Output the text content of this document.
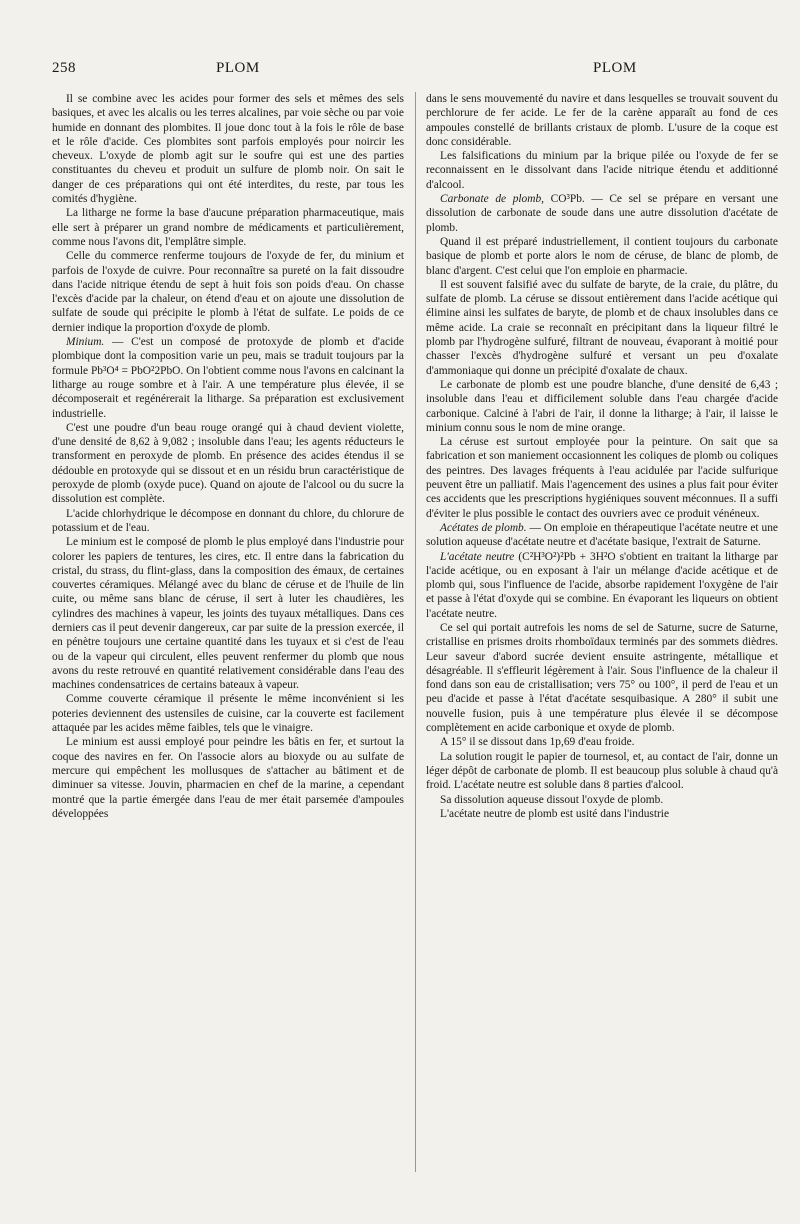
258	PLOM	PLOM

Il se combine avec les acides pour former des sels et mêmes des sels basiques, et avec les alcalis ou les terres alcalines, par voie sèche ou par voie humide en donnant des plombites. Il joue donc tout à la fois le rôle de base et le rôle d'acide. Ces plombites sont parfois employés pour noircir les cheveux. L'oxyde de plomb agit sur le soufre qui est une des parties constituantes du cheveu et produit un sulfure de plomb noir. On sait le danger de ces préparations qui ont été interdites, du reste, par tous les comités d'hygiène.

La litharge ne forme la base d'aucune préparation pharmaceutique, mais elle sert à préparer un grand nombre de médicaments et particulièrement, comme nous l'avons dit, l'emplâtre simple.

Celle du commerce renferme toujours de l'oxyde de fer, du minium et parfois de l'oxyde de cuivre. Pour reconnaître sa pureté on la fait dissoudre dans l'acide nitrique étendu de sept à huit fois son poids d'eau. On chasse l'excès d'acide par la chaleur, on étend d'eau et on ajoute une dissolution de sulfate de soude qui précipite le plomb à l'état de sulfate. Le poids de ce dernier indique la proportion d'oxyde de plomb.

Minium. — C'est un composé de protoxyde de plomb et d'acide plombique dont la composition varie un peu, mais se traduit toujours par la formule Pb³O⁴ = PbO²2PbO. On l'obtient comme nous l'avons en calcinant la litharge au rouge sombre et à l'air. A une température plus élevée, il se décomposerait et regénérerait la litharge. Sa préparation est exclusivement industrielle.

C'est une poudre d'un beau rouge orangé qui à chaud devient violette, d'une densité de 8,62 à 9,082 ; insoluble dans l'eau; les agents réducteurs le transforment en peroxyde de plomb. En présence des acides étendus il se dédouble en protoxyde qui se dissout et en un résidu brun caractéristique de peroxyde de plomb (oxyde puce). Quand on ajoute de l'alcool ou du sucre la dissolution est complète.

L'acide chlorhydrique le décompose en donnant du chlore, du chlorure de potassium et de l'eau.

Le minium est le composé de plomb le plus employé dans l'industrie pour colorer les papiers de tentures, les cires, etc. Il entre dans la fabrication du cristal, du strass, du flint-glass, dans la composition des émaux, de certaines couvertes céramiques. Mélangé avec du blanc de céruse et de l'huile de lin cuite, ou même sans blanc de céruse, il sert à luter les chaudières, les cylindres des machines à vapeur, les joints des tuyaux métalliques. Dans ces derniers cas il peut devenir dangereux, car par suite de la pression exercée, il en pénètre toujours une certaine quantité dans les tuyaux et si c'est de l'eau ou de la vapeur qui circulent, elles peuvent renfermer du plomb que nous avons du reste retrouvé en quantité relativement considérable dans l'eau des machines condensatrices de certains bateaux à vapeur.

Comme couverte céramique il présente le même inconvénient si les poteries deviennent des ustensiles de cuisine, car la couverte est facilement attaquée par les acides même faibles, tels que le vinaigre.

Le minium est aussi employé pour peindre les bâtis en fer, et surtout la coque des navires en fer. On l'associe alors au bioxyde ou au sulfate de mercure qui empêchent les mollusques de s'attacher au bâtiment et de diminuer sa vitesse. Jouvin, pharmacien en chef de la marine, a cependant montré que la partie émergée dans l'eau de mer était parsemée d'ampoules développées

dans le sens mouvementé du navire et dans lesquelles se trouvait souvent du perchlorure de fer acide. Le fer de la carène apparaît au fond de ces ampoules constellé de brillants cristaux de plomb. L'usure de la coque est donc considérable.

Les falsifications du minium par la brique pilée ou l'oxyde de fer se reconnaissent en le dissolvant dans l'acide nitrique étendu et additionné d'alcool.

Carbonate de plomb, CO³Pb. — Ce sel se prépare en versant une dissolution de carbonate de soude dans une autre dissolution d'acétate de plomb.

Quand il est préparé industriellement, il contient toujours du carbonate basique de plomb et porte alors le nom de céruse, de blanc de plomb, de blanc d'argent. C'est celui que l'on emploie en pharmacie.

Il est souvent falsifié avec du sulfate de baryte, de la craie, du plâtre, du sulfate de plomb. La céruse se dissout entièrement dans l'acide acétique qui élimine ainsi les sulfates de baryte, de plomb et de chaux insolubles dans ce même acide. La craie se reconnaît en précipitant dans la liqueur filtré le plomb par l'hydrogène sulfuré, filtrant de nouveau, évaporant à moitié pour chasser l'excès d'hydrogène sulfuré et versant un peu d'oxalate d'ammoniaque qui donne un précipité d'oxalate de chaux.

Le carbonate de plomb est une poudre blanche, d'une densité de 6,43 ; insoluble dans l'eau et difficilement soluble dans l'eau chargée d'acide carbonique. Calciné à l'abri de l'air, il donne la litharge; à l'air, il laisse le minium connu sous le nom de mine orange.

La céruse est surtout employée pour la peinture. On sait que sa fabrication et son maniement occasionnent les coliques de plomb ou coliques des peintres. Des lavages fréquents à l'eau acidulée par l'acide sulfurique peuvent être un palliatif. Mais l'agencement des usines a plus fait pour éviter ces accidents que les prescriptions hygiéniques souvent méconnues. Il a suffi d'éviter le plus possible le contact des ouvriers avec ce produit vénéneux.

Acétates de plomb. — On emploie en thérapeutique l'acétate neutre et une solution aqueuse d'acétate neutre et d'acétate basique, l'extrait de Saturne.

L'acétate neutre (C²H³O²)²Pb + 3H²O s'obtient en traitant la litharge par l'acide acétique, ou en exposant à l'air un mélange d'acide acétique et de plomb qui, sous l'influence de l'acide, absorbe rapidement l'oxygène de l'air et passe à l'état d'oxyde qui se combine. En évaporant les liqueurs on obtient l'acétate neutre.

Ce sel qui portait autrefois les noms de sel de Saturne, sucre de Saturne, cristallise en prismes droits rhomboïdaux terminés par des sommets dièdres. Leur saveur d'abord sucrée devient ensuite astringente, métallique et désagréable. Il s'effleurit légèrement à l'air. Sous l'influence de la chaleur il fond dans son eau de cristallisation; vers 75° ou 100°, il perd de l'eau et un peu d'acide et passe à l'état d'acétate sesquibasique. A 280° il subit une nouvelle fusion, puis à une température plus élevée il se décompose complètement en acide carbonique et oxyde de plomb.

A 15° il se dissout dans 1p,69 d'eau froide.

La solution rougit le papier de tournesol, et, au contact de l'air, donne un léger dépôt de carbonate de plomb. Il est beaucoup plus soluble à chaud qu'à froid. L'acétate neutre est soluble dans 8 parties d'alcool.

Sa dissolution aqueuse dissout l'oxyde de plomb.

L'acétate neutre de plomb est usité dans l'industrie
